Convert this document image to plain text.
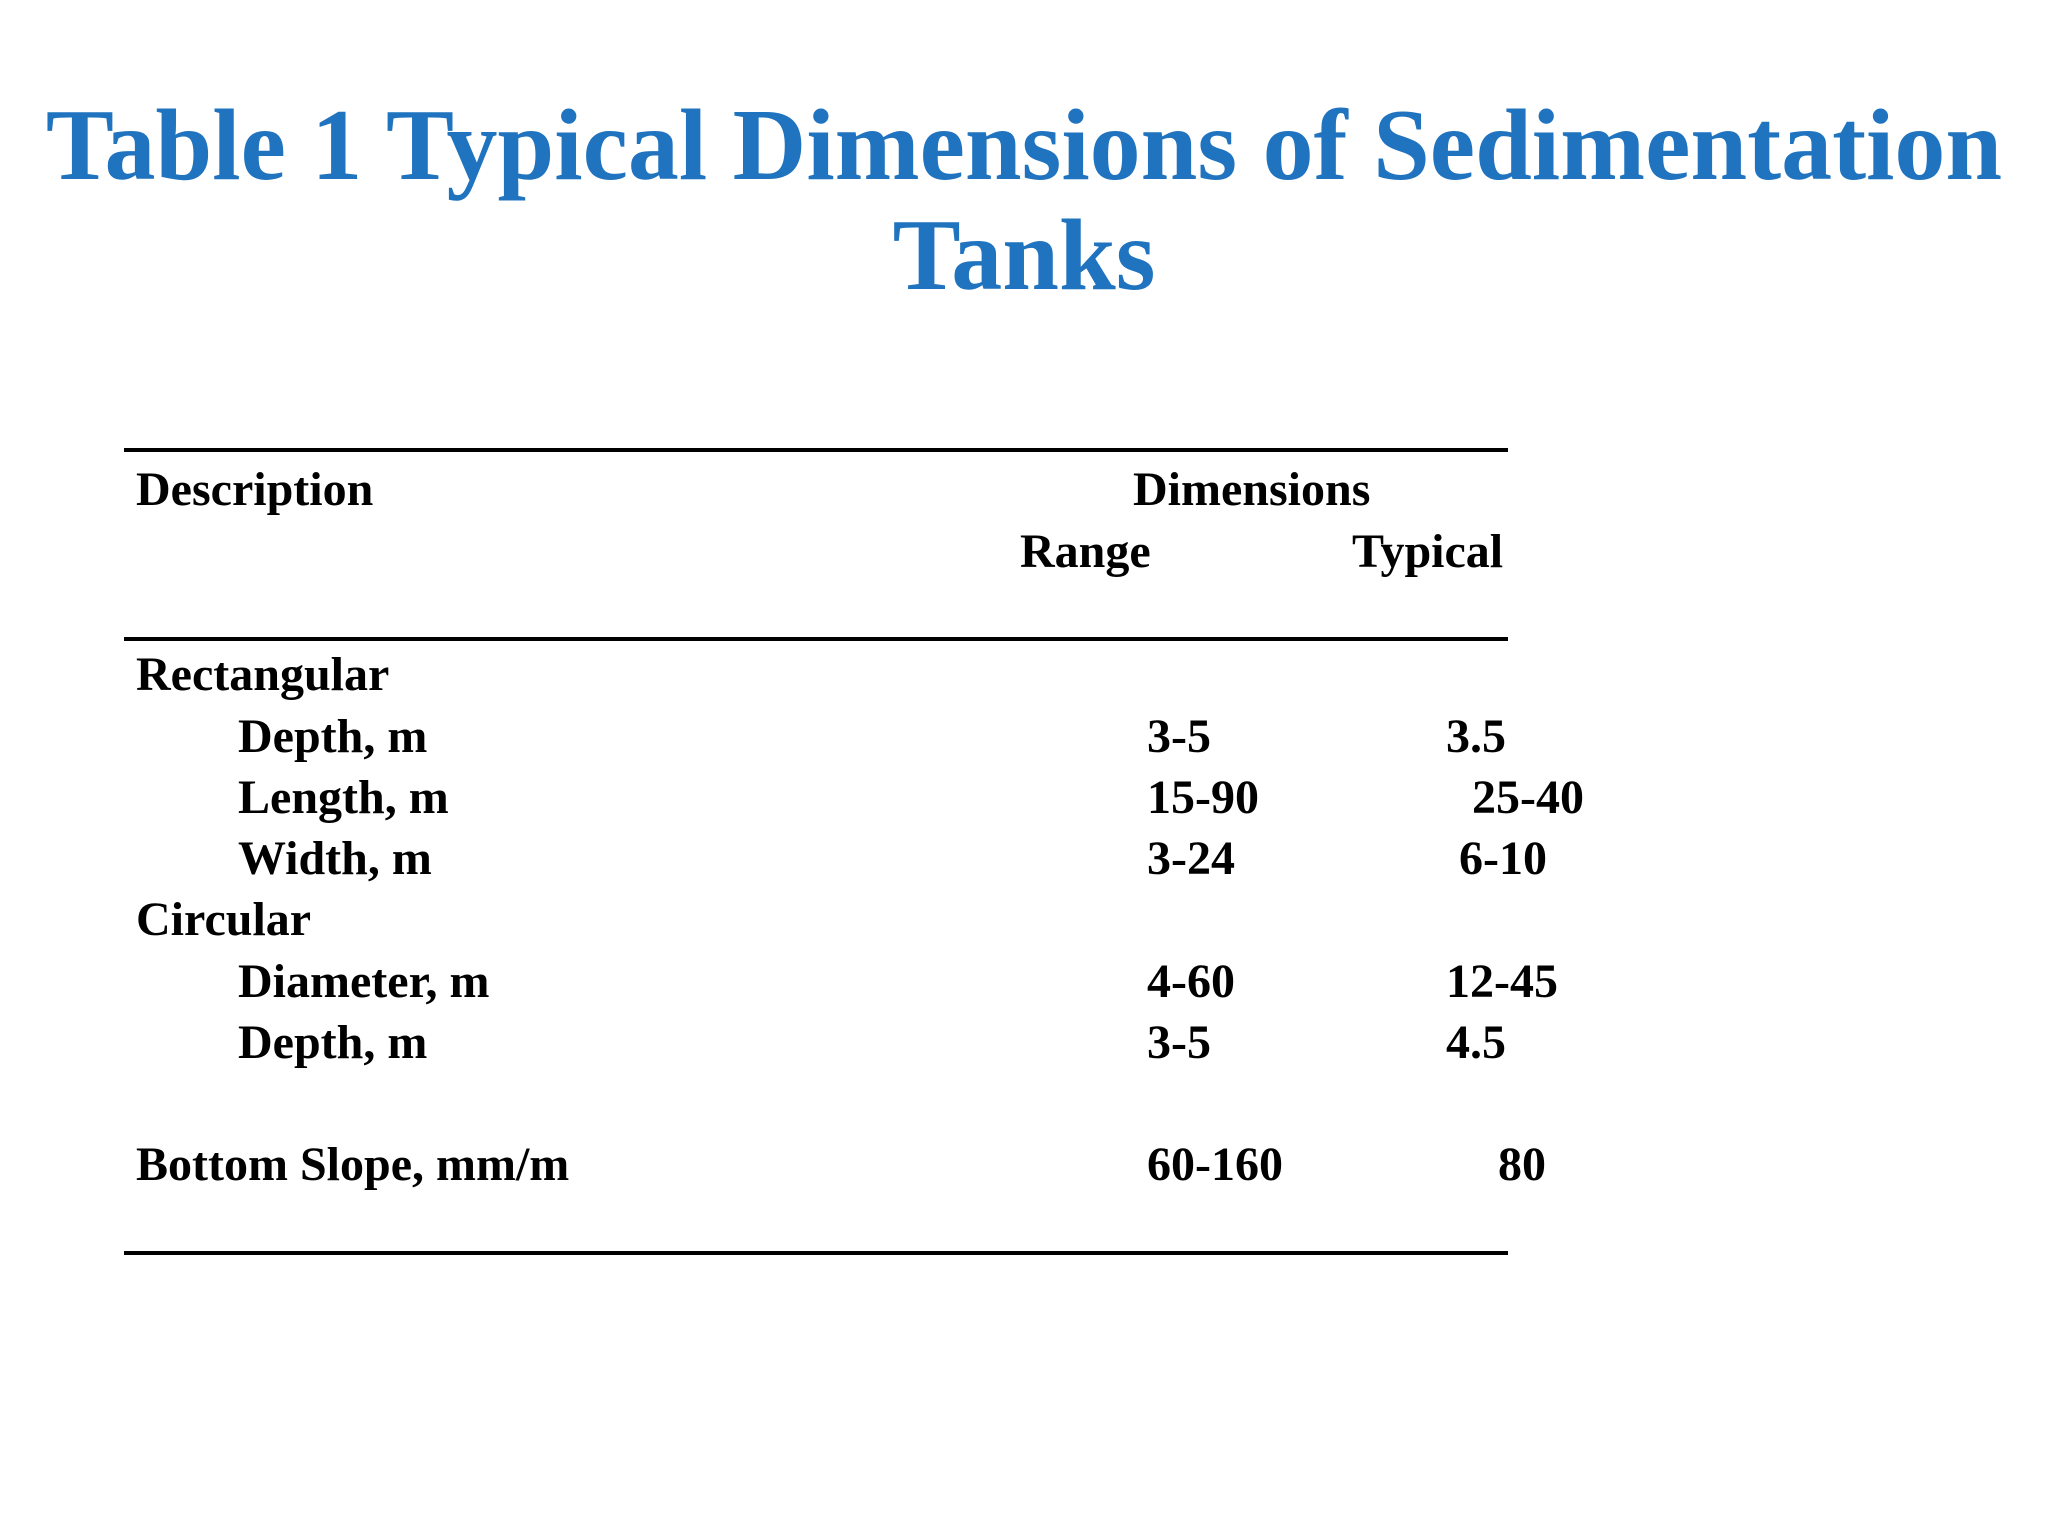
Table 1 Typical Dimensions of Sedimentation
Tanks
Description	Dimensions
Range	Typical
Rectangular
Depth, m	3-5	3.5
Length, m	15-90	25-40
Width, m	3-24	6-10
Circular
Diameter, m	4-60	12-45
Depth, m	3-5	4.5
Bottom Slope, mm/m	60-160	80
